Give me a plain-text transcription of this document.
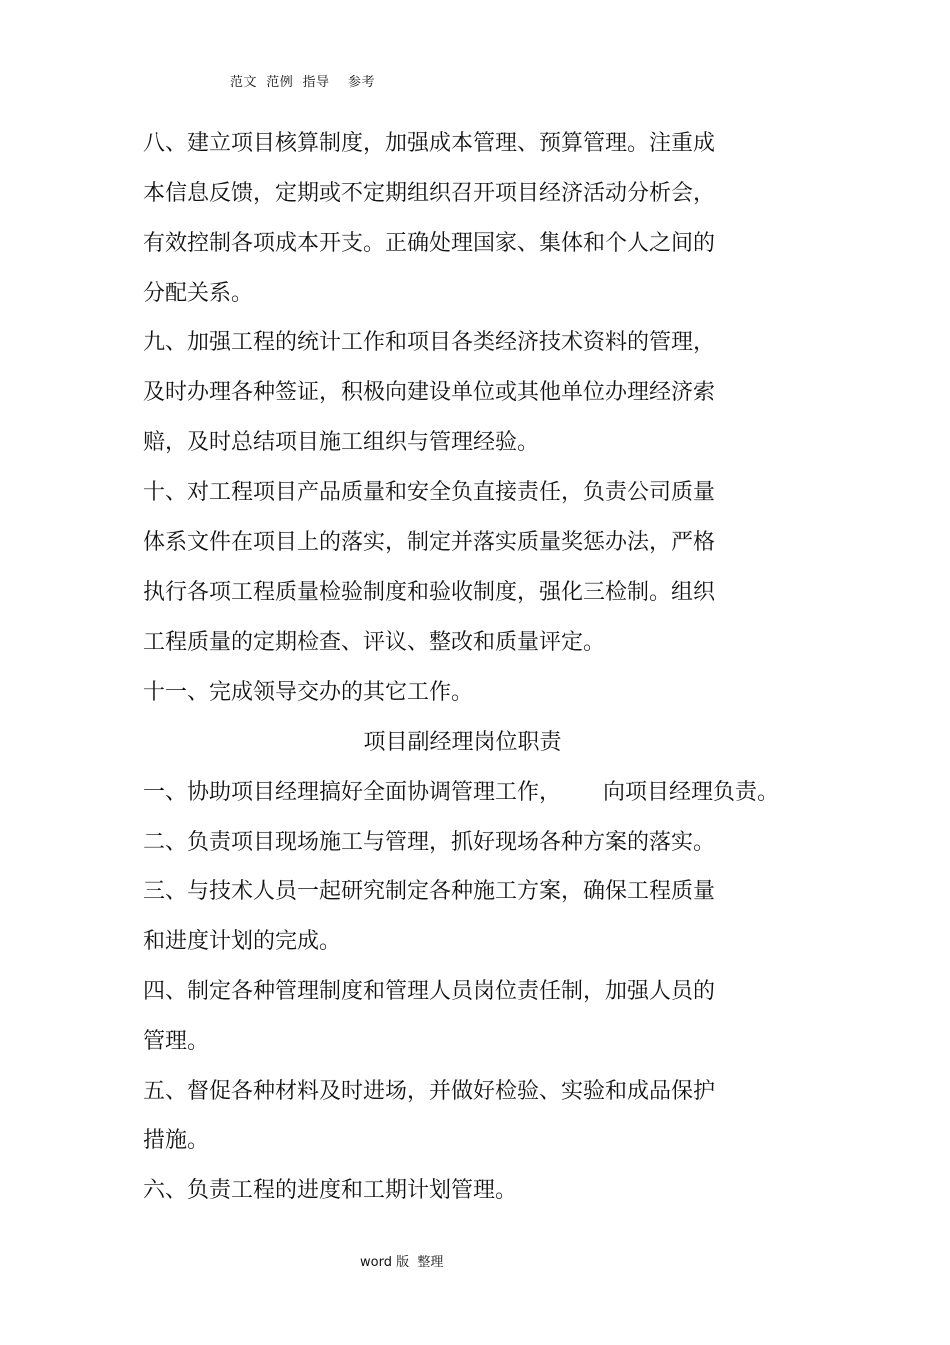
范文  范例  指导    参考
八、建立项目核算制度，加强成本管理、预算管理。注重成
本信息反馈，定期或不定期组织召开项目经济活动分析会，
有效控制各项成本开支。正确处理国家、集体和个人之间的
分配关系。
九、加强工程的统计工作和项目各类经济技术资料的管理，
及时办理各种签证，积极向建设单位或其他单位办理经济索
赔，及时总结项目施工组织与管理经验。
十、对工程项目产品质量和安全负直接责任，负责公司质量
体系文件在项目上的落实，制定并落实质量奖惩办法，严格
执行各项工程质量检验制度和验收制度，强化三检制。组织
工程质量的定期检查、评议、整改和质量评定。
十一、完成领导交办的其它工作。
项目副经理岗位职责
一、协助项目经理搞好全面协调管理工作，      向项目经理负责。
二、负责项目现场施工与管理，抓好现场各种方案的落实。
三、与技术人员一起研究制定各种施工方案，确保工程质量
和进度计划的完成。
四、制定各种管理制度和管理人员岗位责任制，加强人员的
管理。
五、督促各种材料及时进场，并做好检验、实验和成品保护
措施。
六、负责工程的进度和工期计划管理。
word 版  整理
